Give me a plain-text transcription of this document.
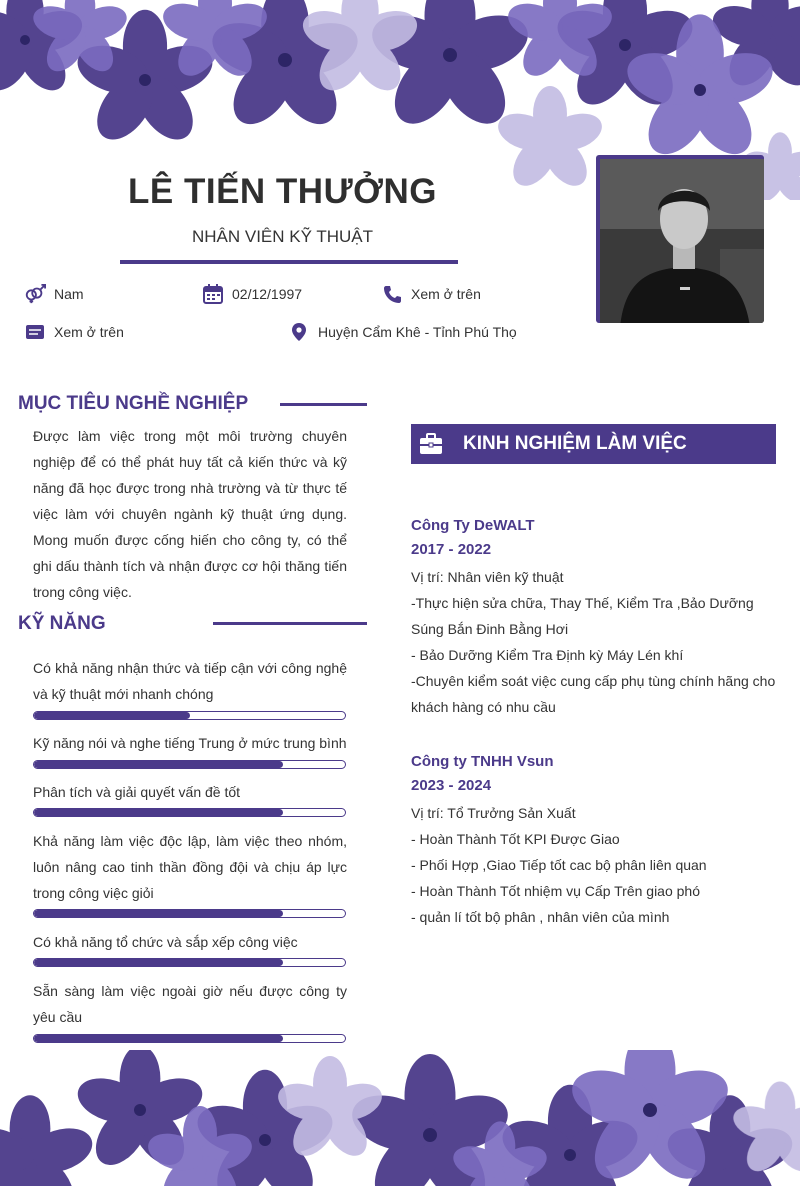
LÊ TIẾN THƯỞNG
NHÂN VIÊN KỸ THUẬT
Nam	02/12/1997	Xem ở trên
Xem ở trên	Huyện Cẩm Khê - Tỉnh Phú Thọ
MỤC TIÊU NGHỀ NGHIỆP
Được làm việc trong một môi trường chuyên nghiệp để có thể phát huy tất cả kiến thức và kỹ năng đã học được trong nhà trường và từ thực tế việc làm với chuyên ngành kỹ thuật ứng dụng. Mong muốn được cống hiến cho công ty, có thể ghi dấu thành tích và nhận được cơ hội thăng tiến trong công việc.
KỸ NĂNG
Có khả năng nhận thức và tiếp cận với công nghệ và kỹ thuật mới nhanh chóng
Kỹ năng nói và nghe tiếng Trung ở mức trung bình
Phân tích và giải quyết vấn đề tốt
Khả năng làm việc độc lập, làm việc theo nhóm, luôn nâng cao tinh thần đồng đội và chịu áp lực trong công việc giỏi
Có khả năng tổ chức và sắp xếp công việc
Sẵn sàng làm việc ngoài giờ nếu được công ty yêu cầu
KINH NGHIỆM LÀM VIỆC
Công Ty DeWALT
2017 - 2022
Vị trí: Nhân viên kỹ thuật
-Thực hiện sửa chữa, Thay Thế, Kiểm Tra ,Bảo Dưỡng Súng Bắn Đinh Bằng Hơi
- Bảo Dưỡng Kiểm Tra Định kỳ Máy Lén khí
-Chuyên kiểm soát việc cung cấp phụ tùng chính hãng cho khách hàng có nhu cầu
Công ty TNHH Vsun
2023 - 2024
Vị trí: Tổ Trưởng Sản Xuất
- Hoàn Thành Tốt KPI Được Giao
- Phối Hợp ,Giao Tiếp tốt cac bộ phân liên quan
- Hoàn Thành Tốt nhiệm vụ Cấp Trên giao phó
- quản lí tốt bộ phân , nhân viên của mình
